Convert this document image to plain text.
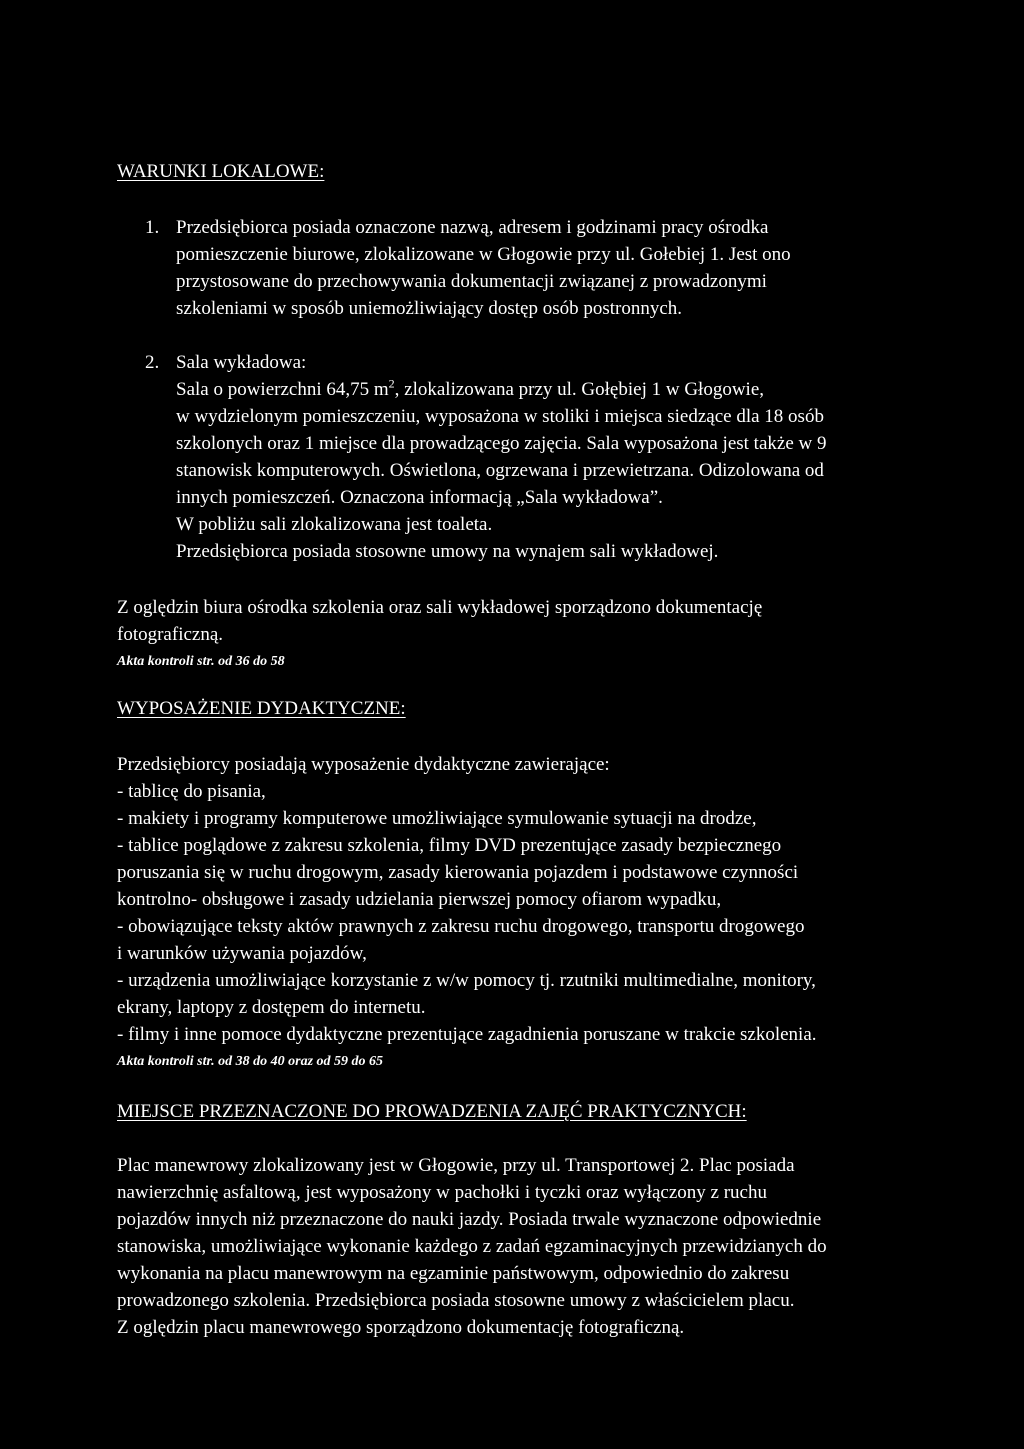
WARUNKI LOKALOWE:
1. Przedsiębiorca posiada oznaczone nazwą, adresem i godzinami pracy ośrodka
pomieszczenie biurowe, zlokalizowane w Głogowie przy ul. Gołebiej 1. Jest ono
przystosowane do przechowywania dokumentacji związanej z prowadzonymi
szkoleniami w sposób uniemożliwiający dostęp osób postronnych.
2. Sala wykładowa:
Sala o powierzchni 64,75 $m^2$, zlokalizowana przy ul. Gołębiej 1 w Głogowie,
w wydzielonym pomieszczeniu, wyposażona w stoliki i miejsca siedzące dla 18 osób
szkolonych oraz 1 miejsce dla prowadzącego zajęcia. Sala wyposażona jest także w 9
stanowisk komputerowych. Oświetlona, ogrzewana i przewietrzana. Odizolowana od
innych pomieszczeń. Oznaczona informacją „Sala wykładowa”.
W pobliżu sali zlokalizowana jest toaleta.
Przedsiębiorca posiada stosowne umowy na wynajem sali wykładowej.
Z oględzin biura ośrodka szkolenia oraz sali wykładowej sporządzono dokumentację
fotograficzną.
Akta kontroli str. od 36 do 58
WYPOSAŻENIE DYDAKTYCZNE:
Przedsiębiorcy posiadają wyposażenie dydaktyczne zawierające:
- tablicę do pisania,
- makiety i programy komputerowe umożliwiające symulowanie sytuacji na drodze,
- tablice poglądowe z zakresu szkolenia, filmy DVD prezentujące zasady bezpiecznego
poruszania się w ruchu drogowym, zasady kierowania pojazdem i podstawowe czynności
kontrolno- obsługowe i zasady udzielania pierwszej pomocy ofiarom wypadku,
- obowiązujące teksty aktów prawnych z zakresu ruchu drogowego, transportu drogowego
i warunków używania pojazdów,
- urządzenia umożliwiające korzystanie z w/w pomocy tj. rzutniki multimedialne, monitory,
ekrany, laptopy z dostępem do internetu.
- filmy i inne pomoce dydaktyczne prezentujące zagadnienia poruszane w trakcie szkolenia.
Akta kontroli str. od 38 do 40 oraz od 59 do 65
MIEJSCE PRZEZNACZONE DO PROWADZENIA ZAJĘĆ PRAKTYCZNYCH:
Plac manewrowy zlokalizowany jest w Głogowie, przy ul. Transportowej 2. Plac posiada
nawierzchnię asfaltową, jest wyposażony w pachołki i tyczki oraz wyłączony z ruchu
pojazdów innych niż przeznaczone do nauki jazdy. Posiada trwale wyznaczone odpowiednie
stanowiska, umożliwiające wykonanie każdego z zadań egzaminacyjnych przewidzianych do
wykonania na placu manewrowym na egzaminie państwowym, odpowiednio do zakresu
prowadzonego szkolenia. Przedsiębiorca posiada stosowne umowy z właścicielem placu.
Z oględzin placu manewrowego sporządzono dokumentację fotograficzną.
